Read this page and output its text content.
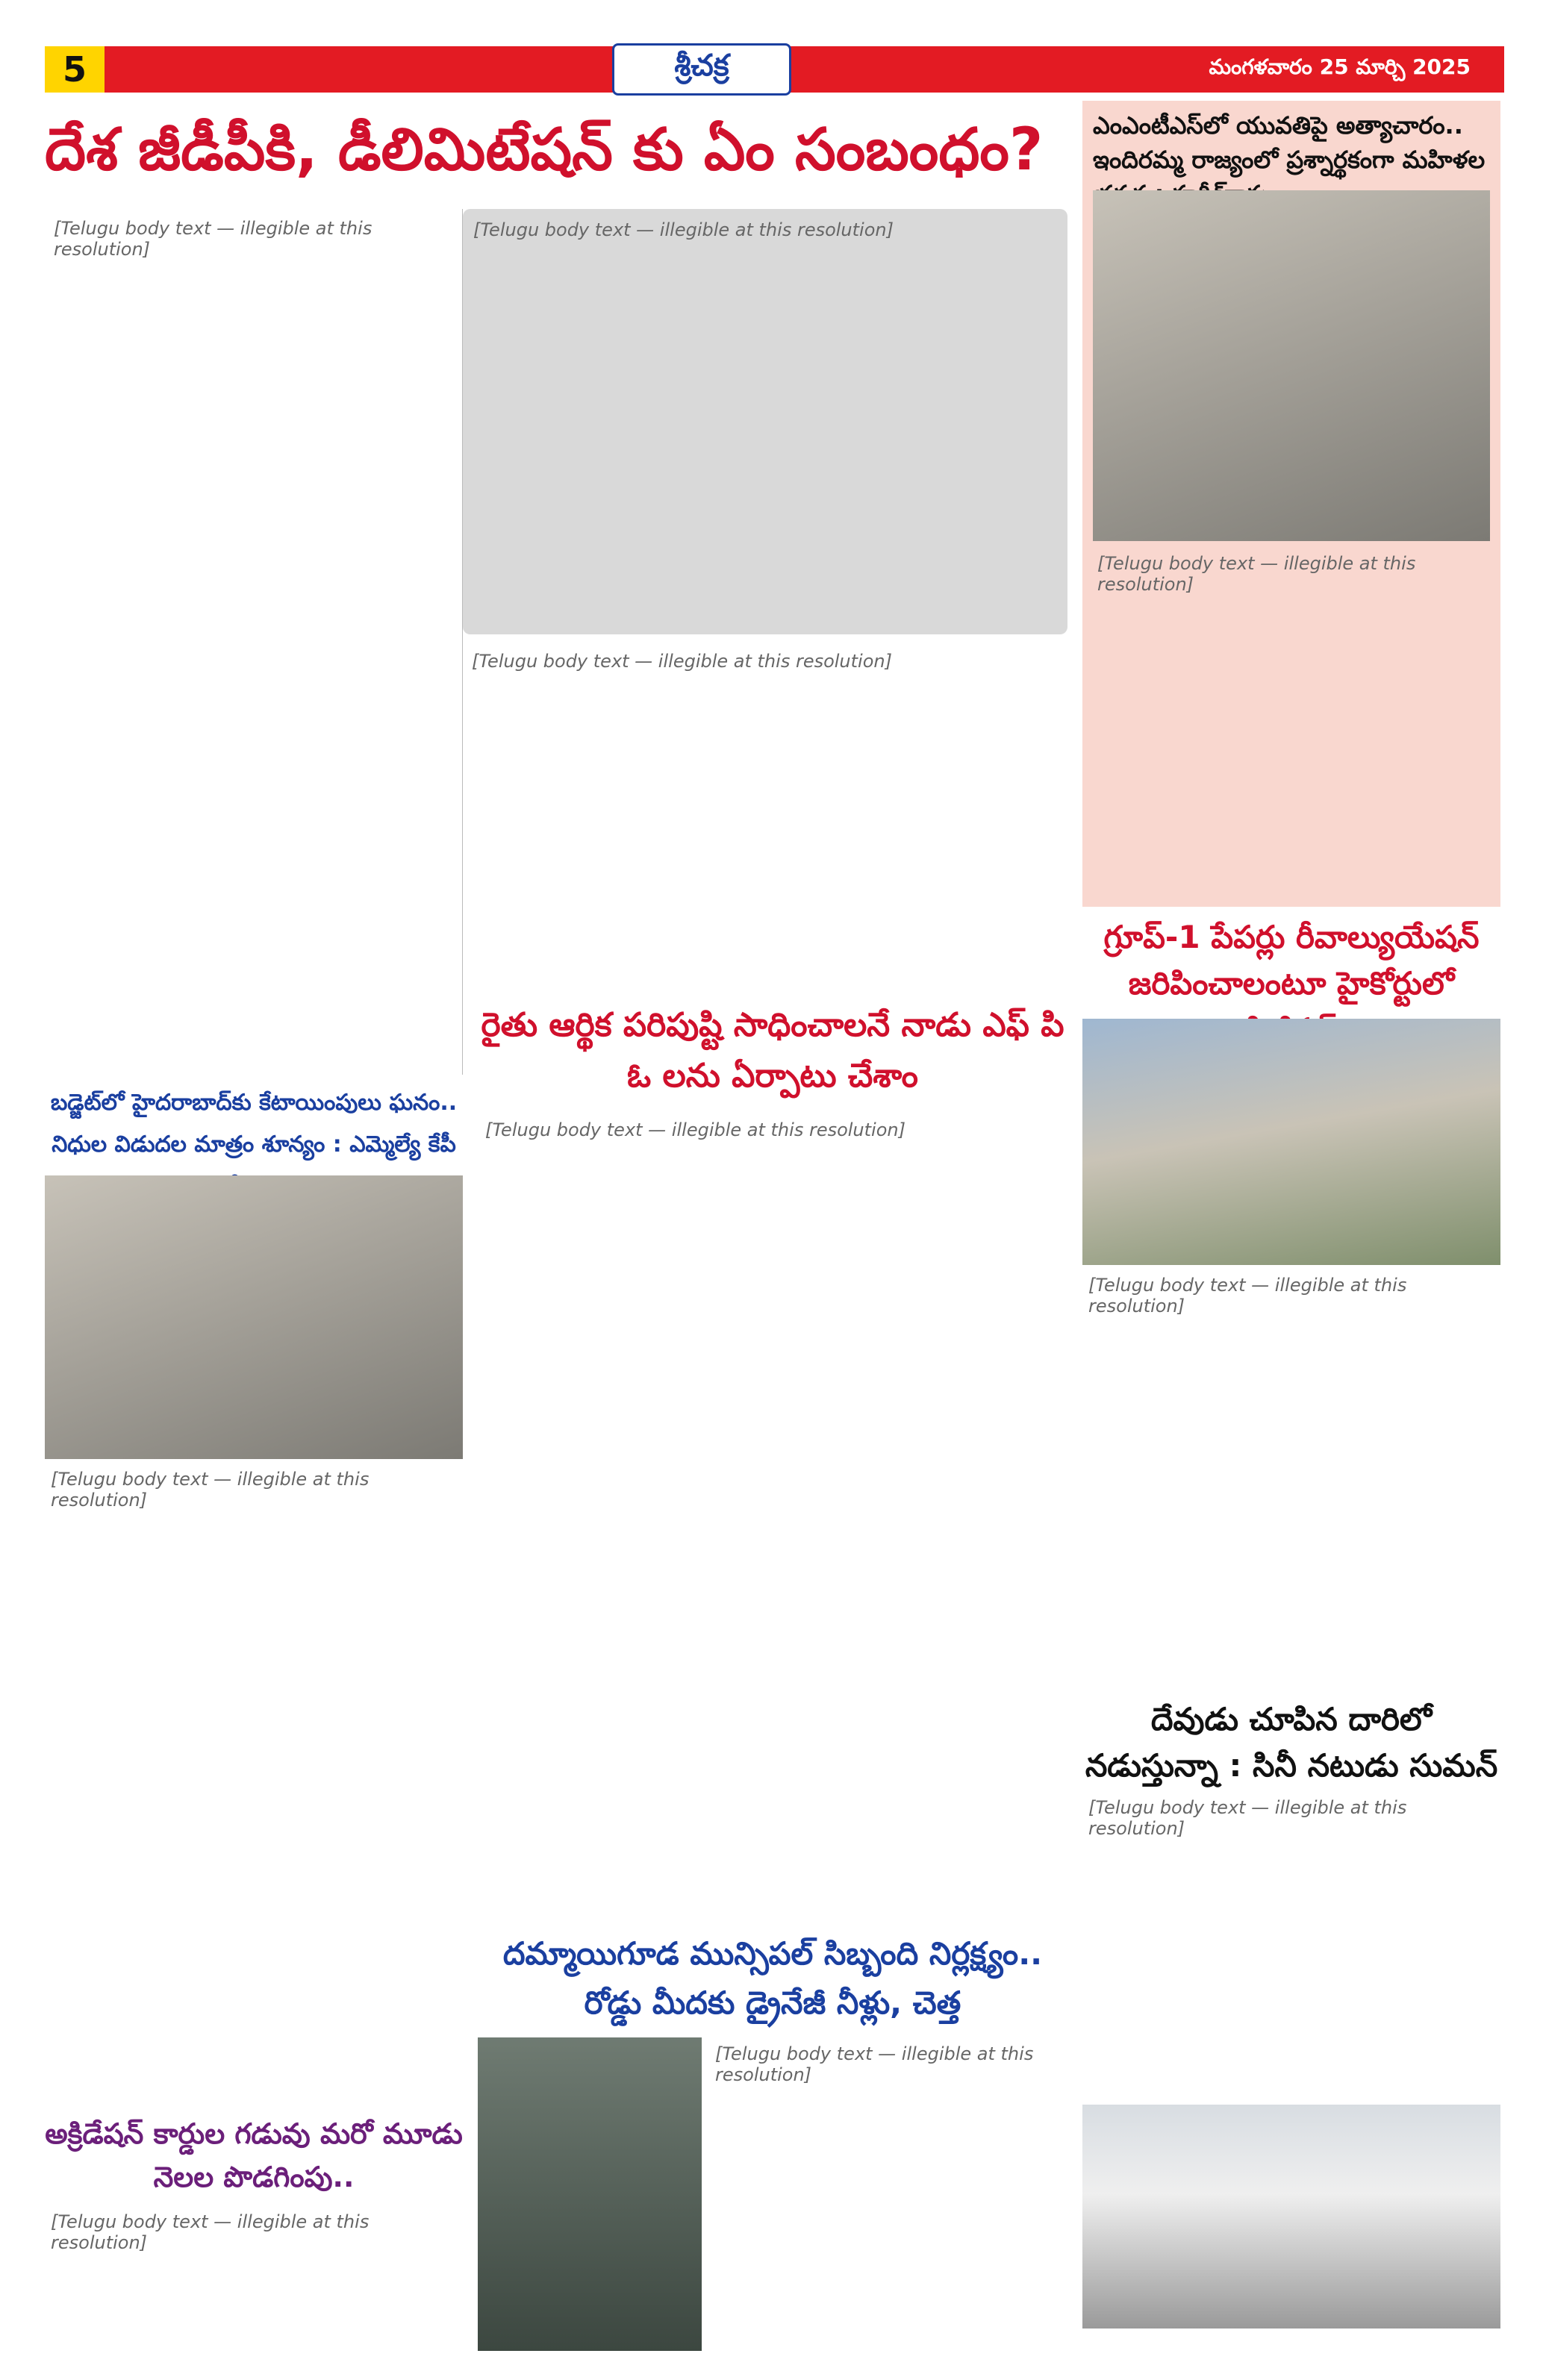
5	శ్రీచక్ర	మంగళవారం 25 మార్చి 2025
దేశ జీడీపీకి, డీలిమిటేషన్ కు ఏం సంబంధం?
[Telugu body text — illegible at this resolution]
[Telugu body text — illegible at this resolution]
[Telugu body text — illegible at this resolution]
ఎంఎంటీఎస్‌లో యువతిపై అత్యాచారం.. ఇందిరమ్మ రాజ్యంలో ప్రశ్నార్థకంగా మహిళల
[Telugu body text — illegible at this resolution]
గ్రూప్-1 పేపర్లు రీవాల్యుయేషన్ జరిపించాలంటూ హైకోర్టులో
[Telugu body text — illegible at this resolution]
దేవుడు చూపిన దారిలో నడుస్తున్నా : సినీ నటుడు సుమన్
[Telugu body text — illegible at this resolution]
బడ్జెట్‌లో హైదరాబాద్‌కు కేటాయింపులు ఘనం.. నిధుల విడుదల మాత్రం శూన్యం : ఎమ్మెల్యే కేపీ
[Telugu body text — illegible at this resolution]
అక్రిడేషన్ కార్డుల గడువు మరో మూడు నెలల పొడగింపు..
[Telugu body text — illegible at this resolution]
రైతు ఆర్థిక పరిపుష్టి సాధించాలనే నాడు ఎఫ్ పి ఓ లను ఏర్పాటు చేశాం
[Telugu body text — illegible at this resolution]
దమ్మాయిగూడ మున్సిపల్ సిబ్బంది నిర్లక్ష్యం.. రోడ్డు మీదకు డ్రైనేజీ నీళ్లు, చెత్త
[Telugu body text — illegible at this resolution]
